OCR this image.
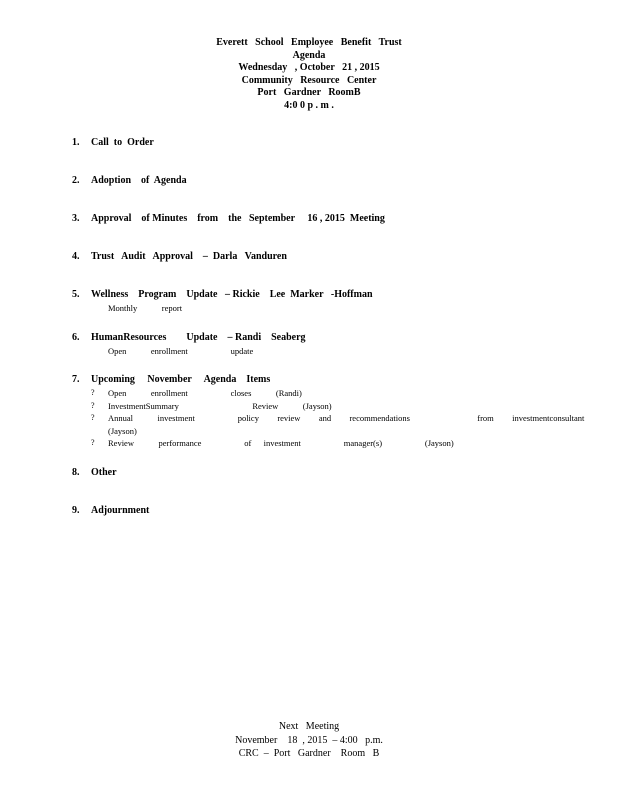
Everett   School   Employee   Benefit   Trust
Agenda
Wednesday   , October   21 , 2015
Community   Resource   Center
Port   Gardner   RoomB
4:0 0 p . m .
1.	Call  to  Order
2.	Adoption    of  Agenda
3.	Approval    of Minutes    from    the   September     16 , 2015  Meeting
4.	Trust   Audit   Approval    –  Darla   Vanduren
5.	Wellness    Program    Update   – Rickie    Lee  Marker   -Hoffman
Monthly    report
6.	HumanResources        Update    – Randi    Seaberg
Open    enrollment       update
7.	Upcoming     November     Agenda    Items
?	Open    enrollment       closes    (Randi)
?	InvestmentSummary            Review    (Jayson)
?	Annual    investment       policy   review   and   recommendations           from   investmentconsultant
(Jayson)
?	Review    performance       of  investment       manager(s)       (Jayson)
8.	Other
9.	Adjournment
Next   Meeting
November    18  , 2015  – 4:00   p.m.
CRC  –  Port   Gardner    Room   B
